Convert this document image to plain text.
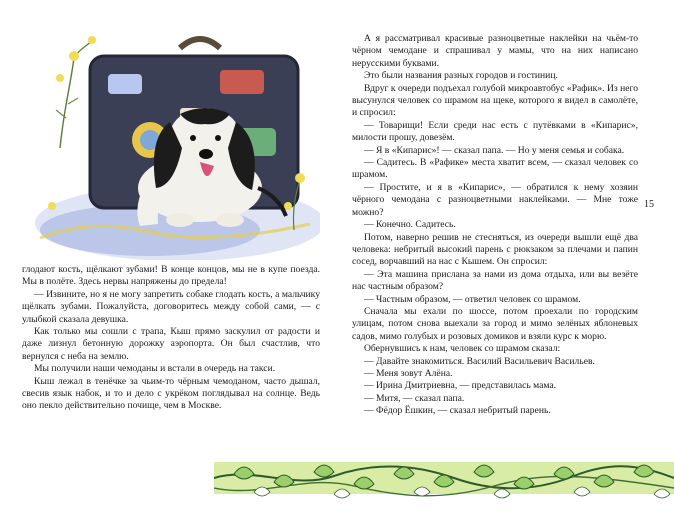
глодают кость, щёлкают зубами! В конце концов, мы не в купе поезда. Мы в полёте. Здесь нервы напряжены до предела!

— Извините, но я не могу запретить собаке глодать кость, а мальчику щёлкать зубами. Пожалуйста, договоритесь между собой сами, — с улыбкой сказала девушка.

Как только мы сошли с трапа, Кыш прямо заскулил от радости и даже лизнул бетонную дорожку аэропорта. Он был счастлив, что вернулся с неба на землю.

Мы получили наши чемоданы и встали в очередь на такси.

Кыш лежал в тенёчке за чьим-то чёрным чемоданом, часто дышал, свесив язык набок, и то и дело с укрёком поглядывал на солнце. Ведь оно пекло действительно почище, чем в Москве.

А я рассматривал красивые разноцветные наклейки на чьём-то чёрном чемодане и спрашивал у мамы, что на них написано нерусскими буквами.

Это были названия разных городов и гостиниц.

Вдруг к очереди подъехал голубой микроавтобус «Рафик». Из него высунулся человек со шрамом на щеке, которого я видел в самолёте, и спросил:

— Товарищи! Если среди нас есть с путёвками в «Кипарис», милости прошу, довезём.

— Я в «Кипарис»! — сказал папа. — Но у меня семья и собака.

— Садитесь. В «Рафике» места хватит всем, — сказал человек со шрамом.

— Простите, и я в «Кипарис», — обратился к нему хозяин чёрного чемодана с разноцветными наклейками. — Мне тоже можно?

— Конечно. Садитесь.

Потом, наверно решив не стесняться, из очереди вышли ещё два человека: небритый высокий парень с рюкзаком за плечами и папин сосед, ворчавший на нас с Кышем. Он спросил:

— Эта машина прислана за нами из дома отдыха, или вы везёте нас частным образом?

— Частным образом, — ответил человек со шрамом.

Сначала мы ехали по шоссе, потом проехали по городским улицам, потом снова выехали за город и мимо зелёных яблоневых садов, мимо голубых и розовых домиков и взяли курс к морю.

Обернувшись к нам, человек со шрамом сказал:

— Давайте знакомиться. Василий Васильевич Васильев.

— Меня зовут Алёна.

— Ирина Дмитриевна, — представилась мама.

— Митя, — сказал папа.

— Фёдор Ёшкин, — сказал небритый парень.

15
